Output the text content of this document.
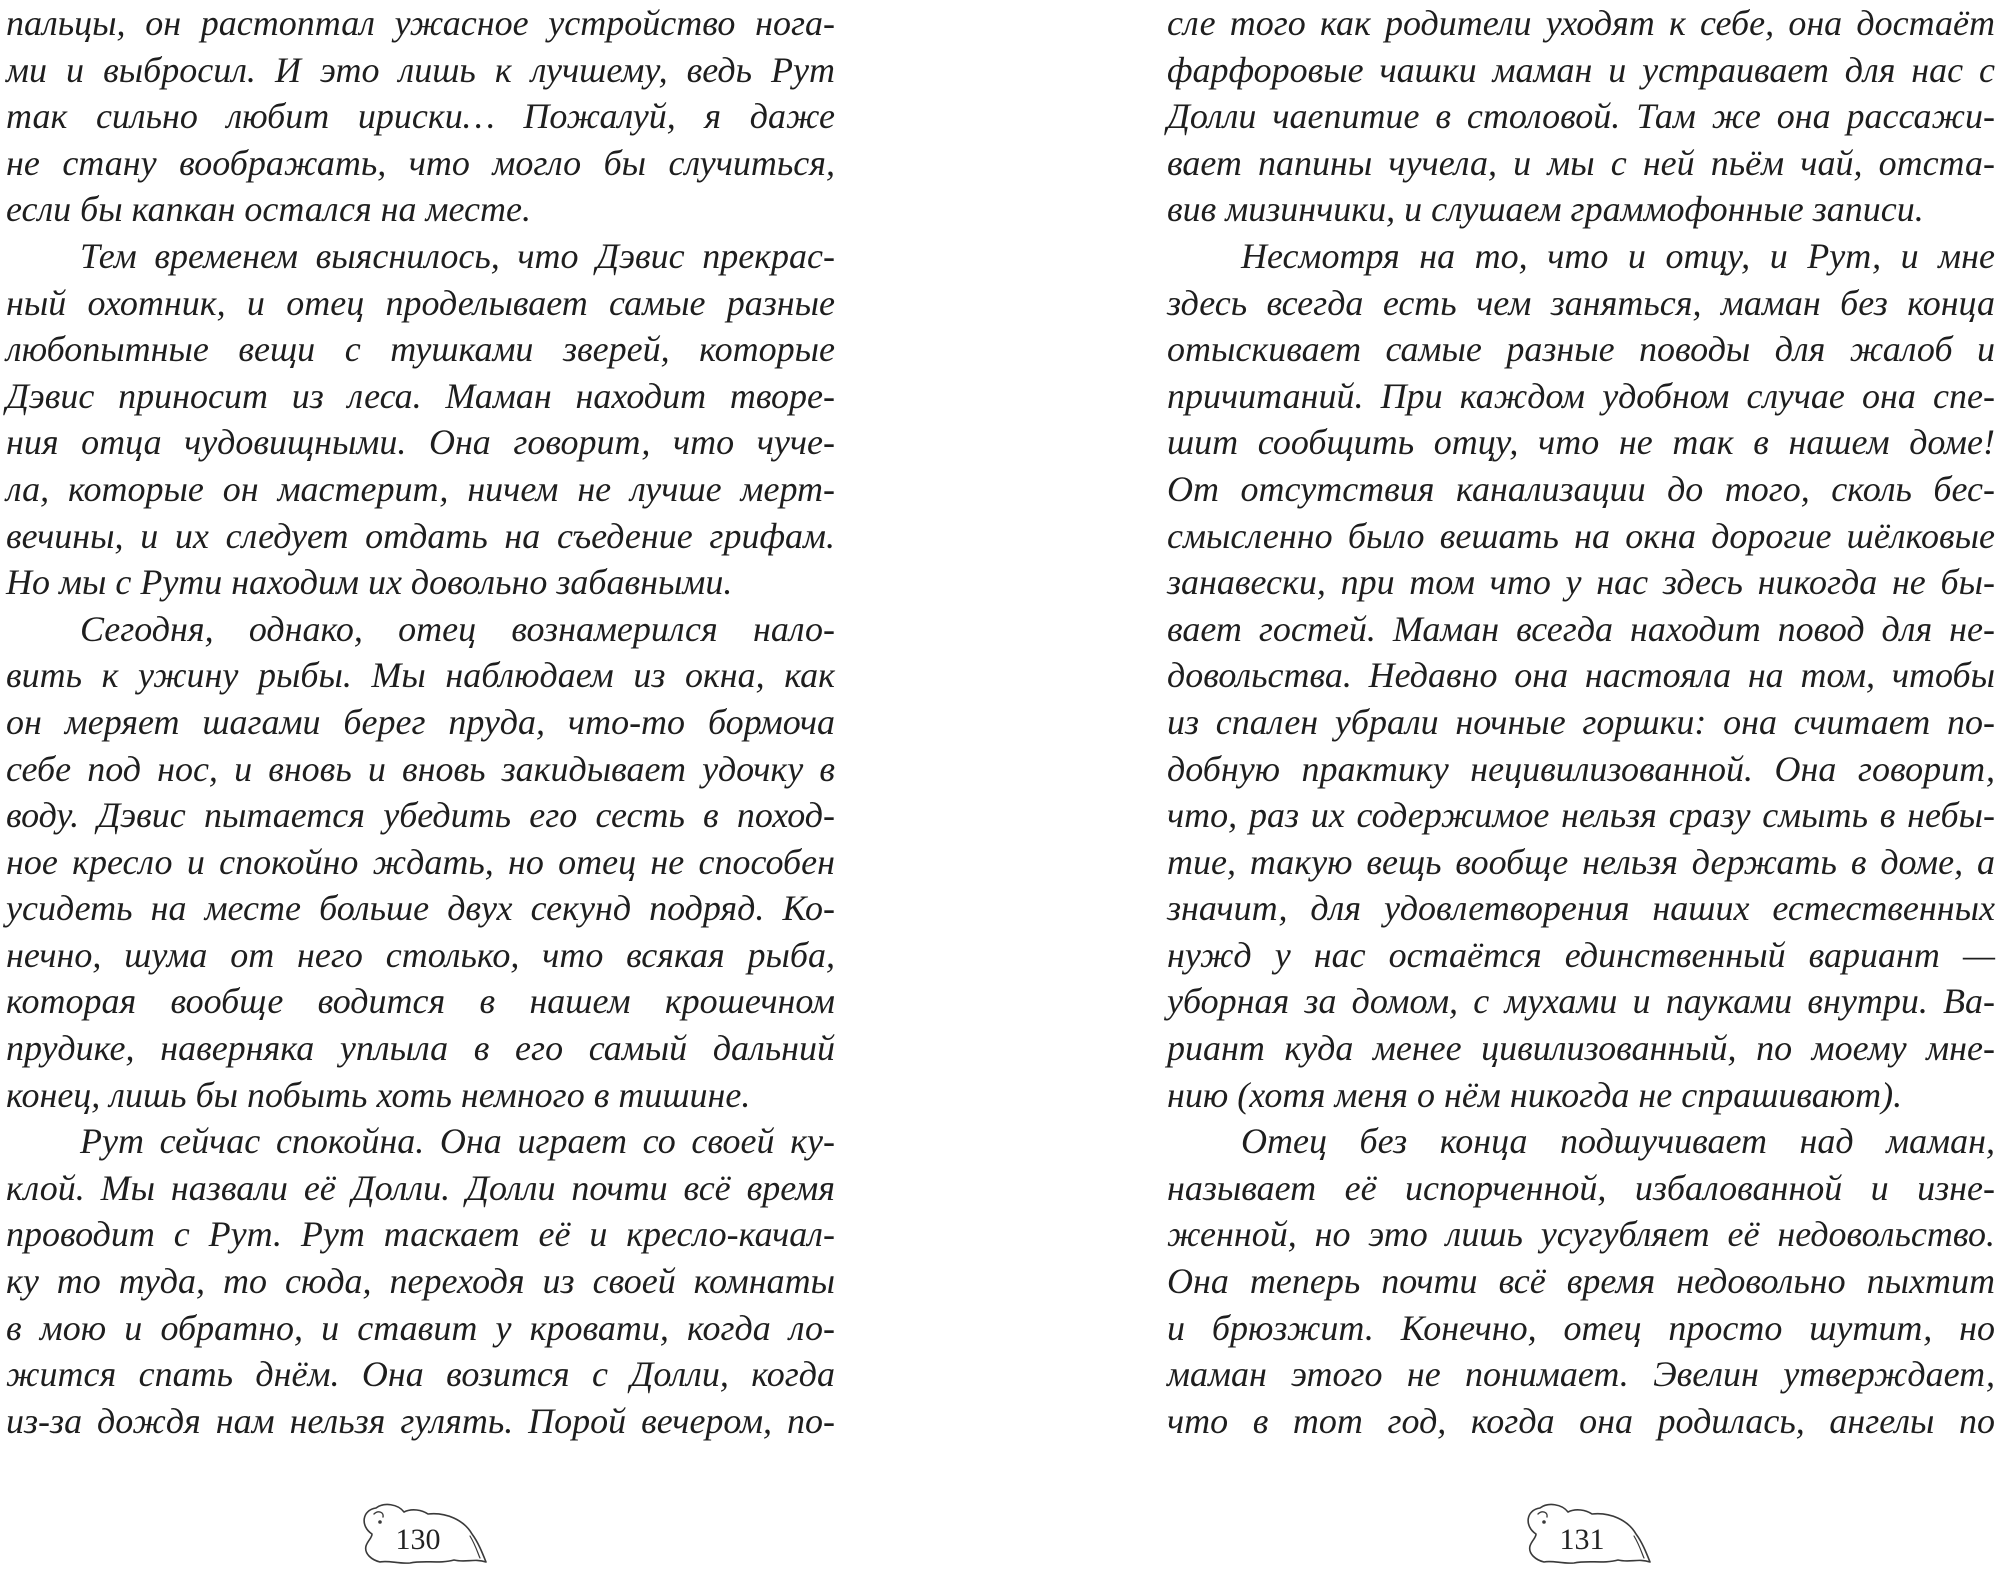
пальцы, он растоптал ужасное устройство нога-
ми и выбросил. И это лишь к лучшему, ведь Рут
так сильно любит ириски… Пожалуй, я даже
не стану воображать, что могло бы случиться,
если бы капкан остался на месте.
Тем временем выяснилось, что Дэвис прекрас-
ный охотник, и отец проделывает самые разные
любопытные вещи с тушками зверей, которые
Дэвис приносит из леса. Маман находит творе-
ния отца чудовищными. Она говорит, что чуче-
ла, которые он мастерит, ничем не лучше мерт-
вечины, и их следует отдать на съедение грифам.
Но мы с Рути находим их довольно забавными.
Сегодня, однако, отец вознамерился нало-
вить к ужину рыбы. Мы наблюдаем из окна, как
он меряет шагами берег пруда, что-то бормоча
себе под нос, и вновь и вновь закидывает удочку в
воду. Дэвис пытается убедить его сесть в поход-
ное кресло и спокойно ждать, но отец не способен
усидеть на месте больше двух секунд подряд. Ко-
нечно, шума от него столько, что всякая рыба,
которая вообще водится в нашем крошечном
прудике, наверняка уплыла в его самый дальний
конец, лишь бы побыть хоть немного в тишине.
Рут сейчас спокойна. Она играет со своей ку-
клой. Мы назвали её Долли. Долли почти всё время
проводит с Рут. Рут таскает её и кресло-качал-
ку то туда, то сюда, переходя из своей комнаты
в мою и обратно, и ставит у кровати, когда ло-
жится спать днём. Она возится с Долли, когда
из-за дождя нам нельзя гулять. Порой вечером, по-
130
сле того как родители уходят к себе, она достаёт
фарфоровые чашки маман и устраивает для нас с
Долли чаепитие в столовой. Там же она рассажи-
вает папины чучела, и мы с ней пьём чай, отста-
вив мизинчики, и слушаем граммофонные записи.
Несмотря на то, что и отцу, и Рут, и мне
здесь всегда есть чем заняться, маман без конца
отыскивает самые разные поводы для жалоб и
причитаний. При каждом удобном случае она спе-
шит сообщить отцу, что не так в нашем доме!
От отсутствия канализации до того, сколь бес-
смысленно было вешать на окна дорогие шёлковые
занавески, при том что у нас здесь никогда не бы-
вает гостей. Маман всегда находит повод для не-
довольства. Недавно она настояла на том, чтобы
из спален убрали ночные горшки: она считает по-
добную практику нецивилизованной. Она говорит,
что, раз их содержимое нельзя сразу смыть в небы-
тие, такую вещь вообще нельзя держать в доме, а
значит, для удовлетворения наших естественных
нужд у нас остаётся единственный вариант —
уборная за домом, с мухами и пауками внутри. Ва-
риант куда менее цивилизованный, по моему мне-
нию (хотя меня о нём никогда не спрашивают).
Отец без конца подшучивает над маман,
называет её испорченной, избалованной и изне-
женной, но это лишь усугубляет её недовольство.
Она теперь почти всё время недовольно пыхтит
и брюзжит. Конечно, отец просто шутит, но
маман этого не понимает. Эвелин утверждает,
что в тот год, когда она родилась, ангелы по
131
